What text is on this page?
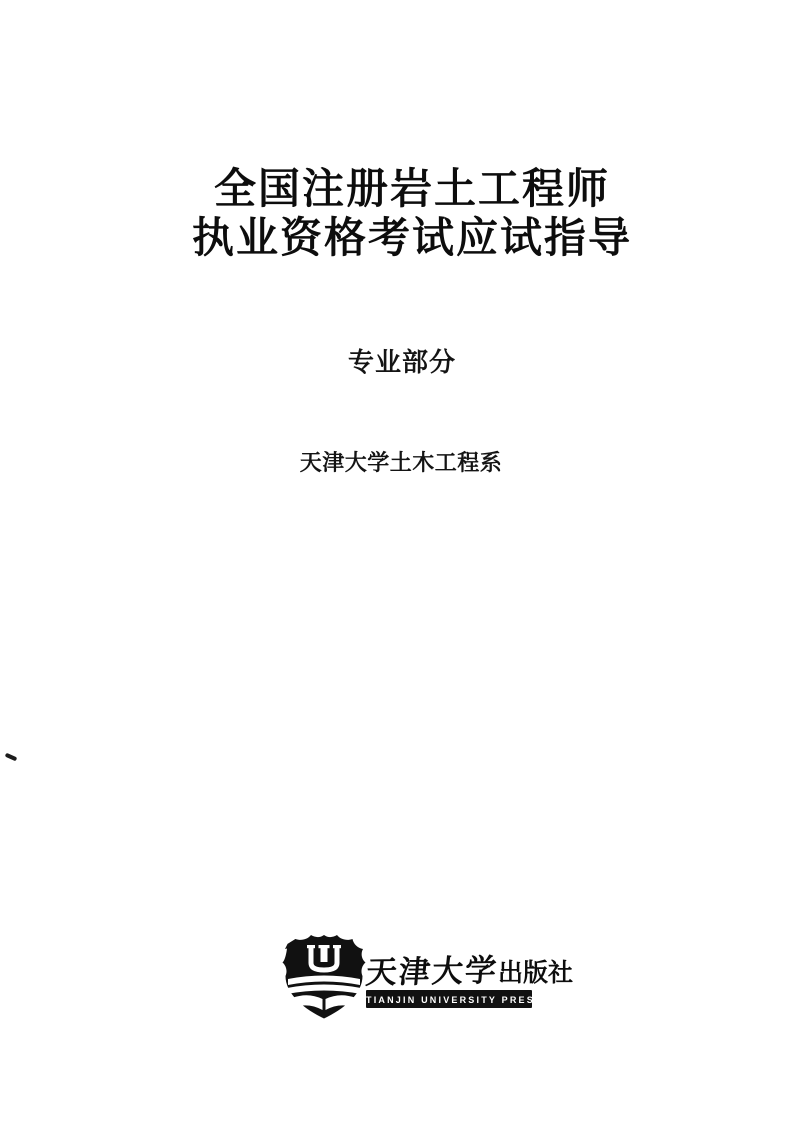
全国注册岩土工程师
执业资格考试应试指导
专业部分
天津大学土木工程系
天津大学出版社
TIANJIN UNIVERSITY PRESS
